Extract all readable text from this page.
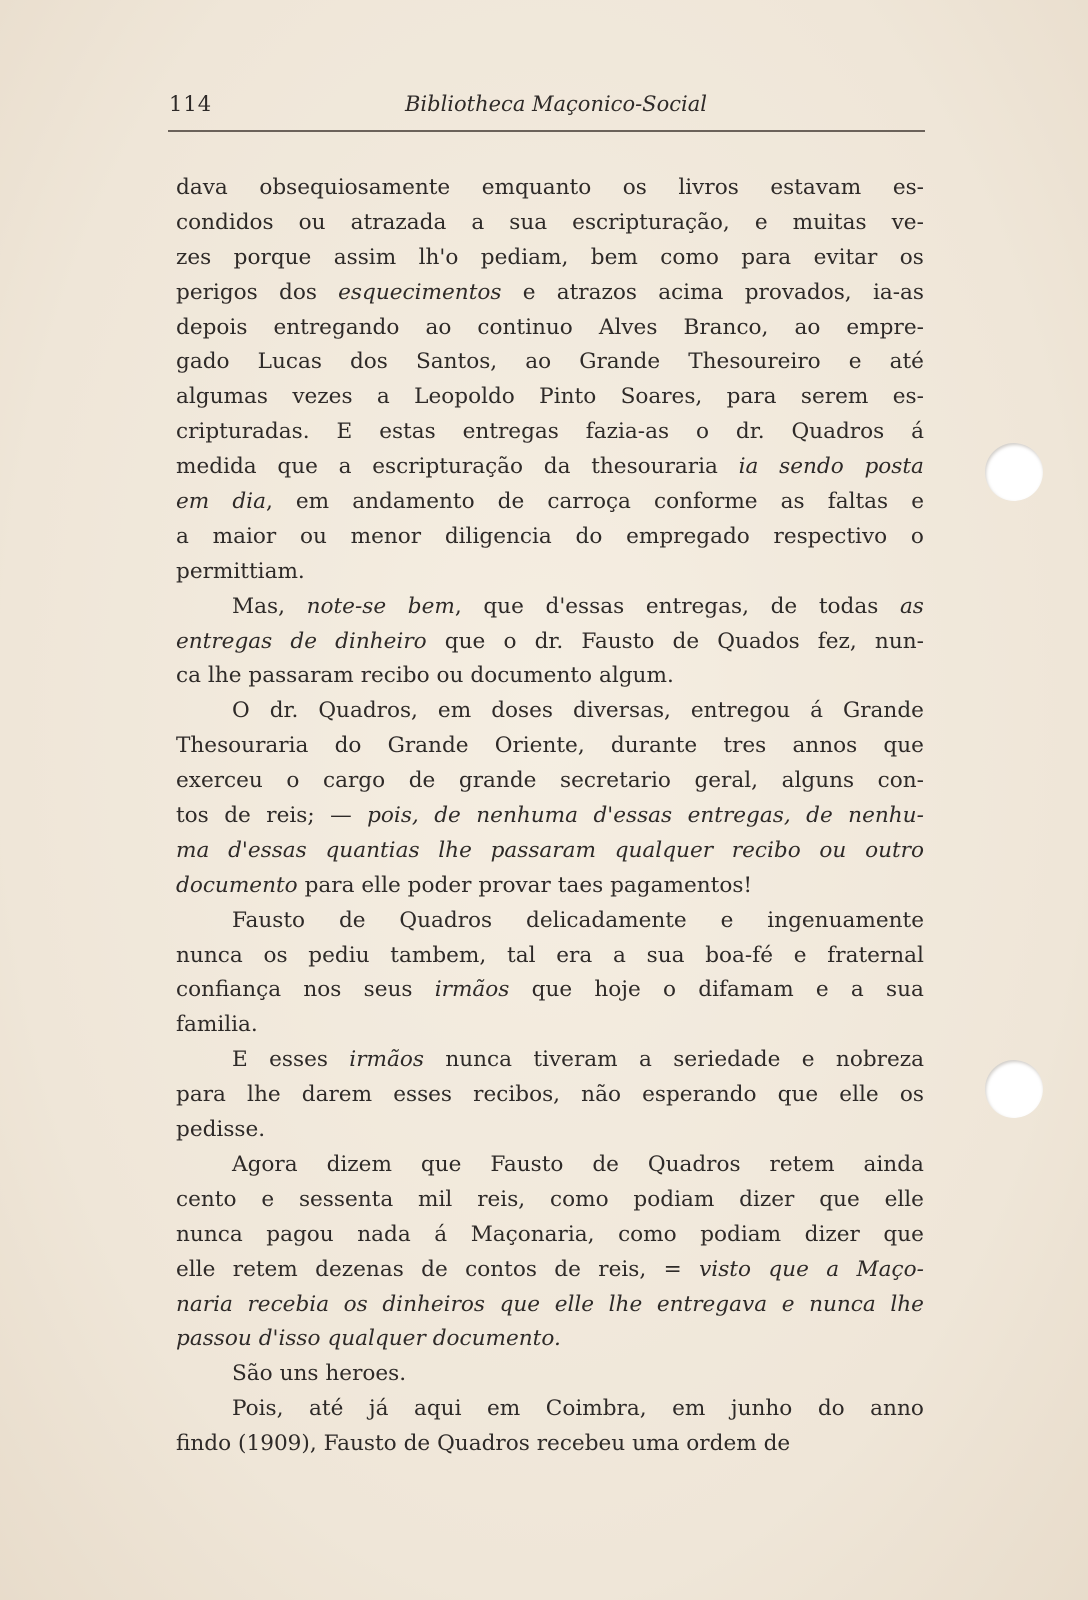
114	Bibliotheca Maçonico-Social
dava obsequiosamente emquanto os livros estavam es-
condidos ou atrazada a sua escripturação, e muitas ve-
zes porque assim lh'o pediam, bem como para evitar os
perigos dos esquecimentos e atrazos acima provados, ia-as
depois entregando ao continuo Alves Branco, ao empre-
gado Lucas dos Santos, ao Grande Thesoureiro e até
algumas vezes a Leopoldo Pinto Soares, para serem es-
cripturadas. E estas entregas fazia-as o dr. Quadros á
medida que a escripturação da thesouraria ia sendo posta
em dia, em andamento de carroça conforme as faltas e
a maior ou menor diligencia do empregado respectivo o
permittiam.
Mas, note-se bem, que d'essas entregas, de todas as
entregas de dinheiro que o dr. Fausto de Quados fez, nun-
ca lhe passaram recibo ou documento algum.
O dr. Quadros, em doses diversas, entregou á Grande
Thesouraria do Grande Oriente, durante tres annos que
exerceu o cargo de grande secretario geral, alguns con-
tos de reis; — pois, de nenhuma d'essas entregas, de nenhu-
ma d'essas quantias lhe passaram qualquer recibo ou outro
documento para elle poder provar taes pagamentos!
Fausto de Quadros delicadamente e ingenuamente
nunca os pediu tambem, tal era a sua boa-fé e fraternal
confiança nos seus irmãos que hoje o difamam e a sua
familia.
E esses irmãos nunca tiveram a seriedade e nobreza
para lhe darem esses recibos, não esperando que elle os
pedisse.
Agora dizem que Fausto de Quadros retem ainda
cento e sessenta mil reis, como podiam dizer que elle
nunca pagou nada á Maçonaria, como podiam dizer que
elle retem dezenas de contos de reis, = visto que a Maço-
naria recebia os dinheiros que elle lhe entregava e nunca lhe
passou d'isso qualquer documento.
São uns heroes.
Pois, até já aqui em Coimbra, em junho do anno
findo (1909), Fausto de Quadros recebeu uma ordem de
